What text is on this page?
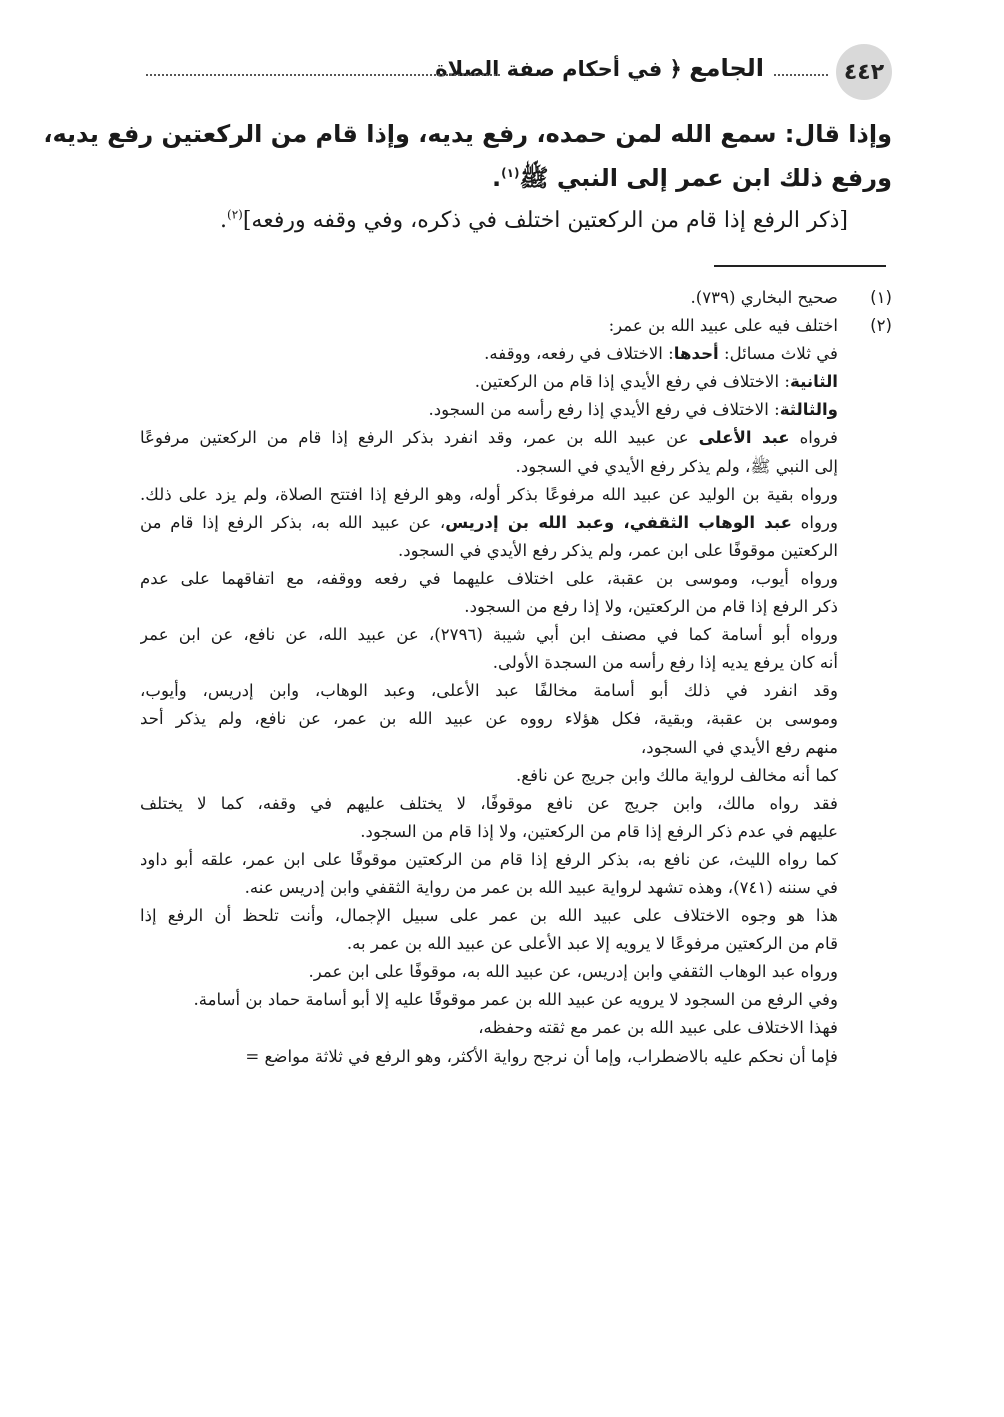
٤٤٢
الجامع ﴿ في أحكام صفة الصلاة
وإذا قال: سمع الله لمن حمده، رفع يديه، وإذا قام من الركعتين رفع يديه،
ورفع ذلك ابن عمر إلى النبي ﷺ$^{(١)}$.
[ذكر الرفع إذا قام من الركعتين اختلف في ذكره، وفي وقفه ورفعه]$^{(٢)}$.
(١)صحيح البخاري (٧٣٩).
(٢)اختلف فيه على عبيد الله بن عمر:
في ثلاث مسائل: أحدها: الاختلاف في رفعه، ووقفه.
الثانية: الاختلاف في رفع الأيدي إذا قام من الركعتين.
والثالثة: الاختلاف في رفع الأيدي إذا رفع رأسه من السجود.
فرواه عبد الأعلى عن عبيد الله بن عمر، وقد انفرد بذكر الرفع إذا قام من الركعتين مرفوعًا
إلى النبي ﷺ، ولم يذكر رفع الأيدي في السجود.
ورواه بقية بن الوليد عن عبيد الله مرفوعًا بذكر أوله، وهو الرفع إذا افتتح الصلاة، ولم يزد على ذلك.
ورواه عبد الوهاب الثقفي، وعبد الله بن إدريس، عن عبيد الله به، بذكر الرفع إذا قام من
الركعتين موقوفًا على ابن عمر، ولم يذكر رفع الأيدي في السجود.
ورواه أيوب، وموسى بن عقبة، على اختلاف عليهما في رفعه ووقفه، مع اتفاقهما على عدم
ذكر الرفع إذا قام من الركعتين، ولا إذا رفع من السجود.
ورواه أبو أسامة كما في مصنف ابن أبي شيبة (٢٧٩٦)، عن عبيد الله، عن نافع، عن ابن عمر
أنه كان يرفع يديه إذا رفع رأسه من السجدة الأولى.
وقد انفرد في ذلك أبو أسامة مخالفًا عبد الأعلى، وعبد الوهاب، وابن إدريس، وأيوب،
وموسى بن عقبة، وبقية، فكل هؤلاء رووه عن عبيد الله بن عمر، عن نافع، ولم يذكر أحد
منهم رفع الأيدي في السجود،
كما أنه مخالف لرواية مالك وابن جريج عن نافع.
فقد رواه مالك، وابن جريج عن نافع موقوفًا، لا يختلف عليهم في وقفه، كما لا يختلف
عليهم في عدم ذكر الرفع إذا قام من الركعتين، ولا إذا قام من السجود.
كما رواه الليث، عن نافع به، بذكر الرفع إذا قام من الركعتين موقوفًا على ابن عمر، علقه أبو داود
في سننه (٧٤١)، وهذه تشهد لرواية عبيد الله بن عمر من رواية الثقفي وابن إدريس عنه.
هذا هو وجوه الاختلاف على عبيد الله بن عمر على سبيل الإجمال، وأنت تلحظ أن الرفع إذا
قام من الركعتين مرفوعًا لا يرويه إلا عبد الأعلى عن عبيد الله بن عمر به.
ورواه عبد الوهاب الثقفي وابن إدريس، عن عبيد الله به، موقوفًا على ابن عمر.
وفي الرفع من السجود لا يرويه عن عبيد الله بن عمر موقوفًا عليه إلا أبو أسامة حماد بن أسامة.
فهذا الاختلاف على عبيد الله بن عمر مع ثقته وحفظه،
فإما أن نحكم عليه بالاضطراب، وإما أن نرجح رواية الأكثر، وهو الرفع في ثلاثة مواضع =
